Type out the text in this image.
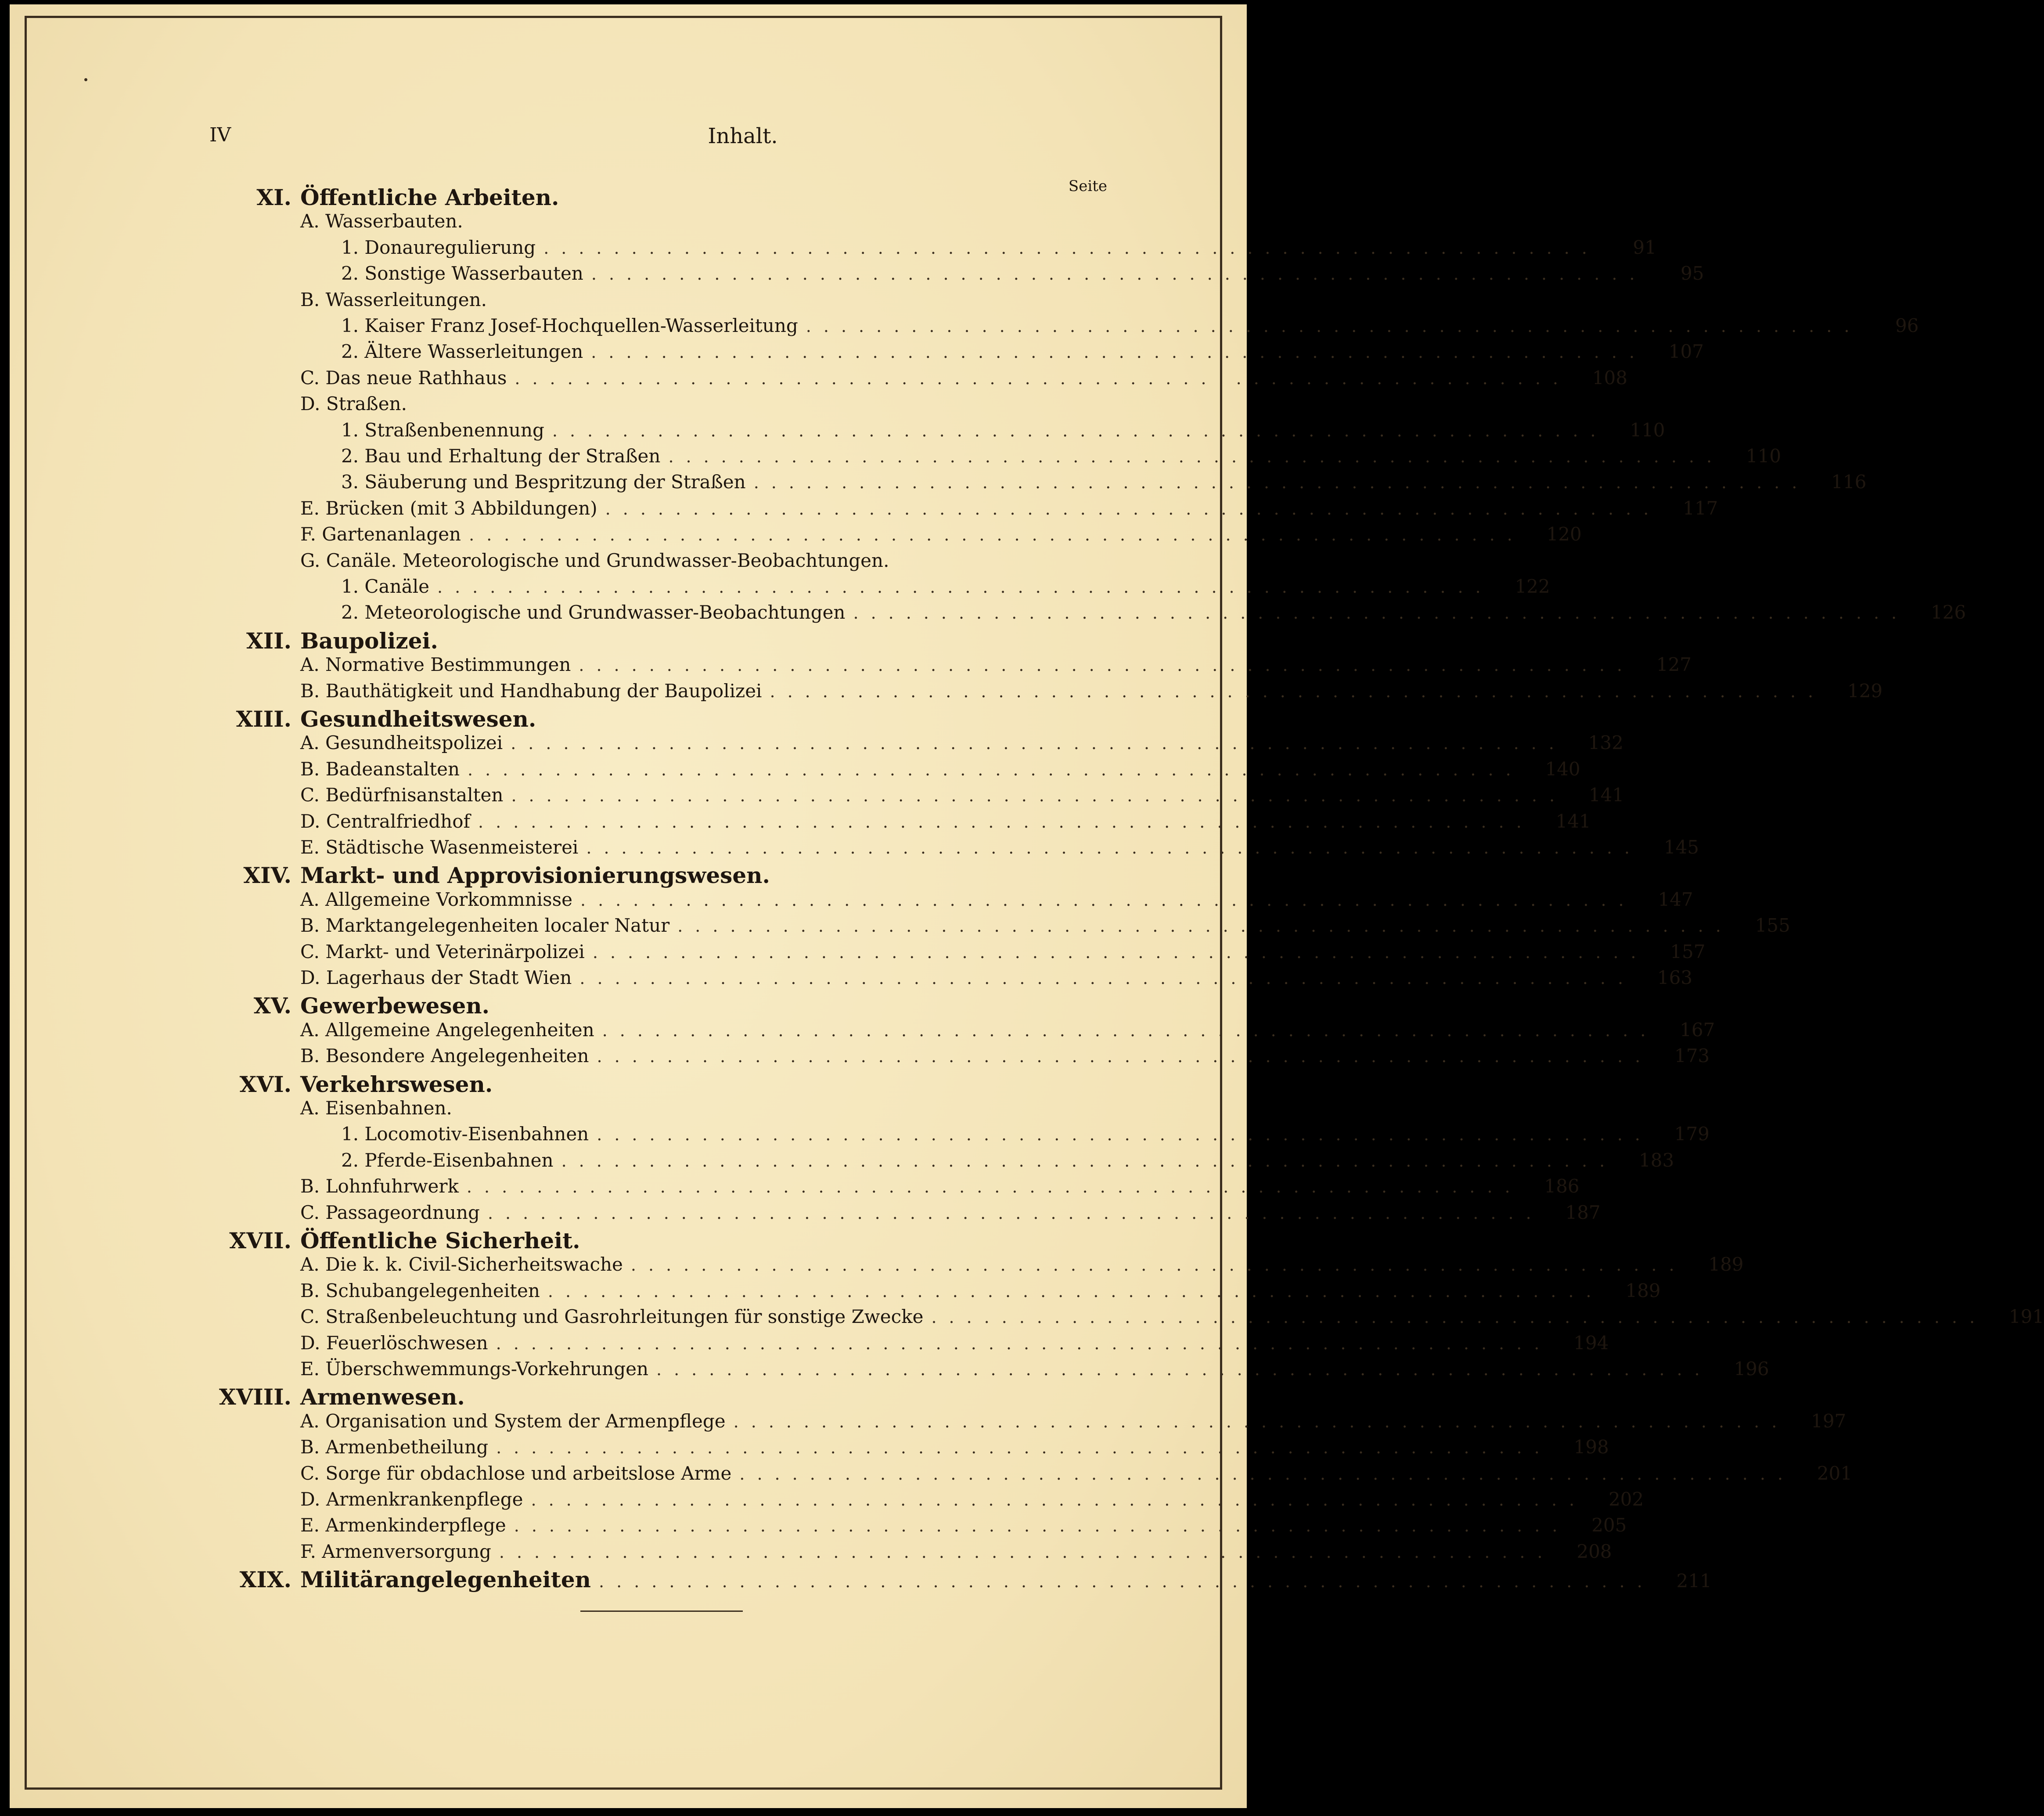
IV	Inhalt.
Seite
XI. Öffentliche Arbeiten.
A. Wasserbauten.
1. Donauregulierung ............................................................	91
2. Sonstige Wasserbauten ............................................................	95
B. Wasserleitungen.
1. Kaiser Franz Josef-Hochquellen-Wasserleitung ............................................................	96
2. Ältere Wasserleitungen ............................................................	107
C. Das neue Rathhaus ............................................................	108
D. Straßen.
1. Straßenbenennung ............................................................	110
2. Bau und Erhaltung der Straßen ............................................................	110
3. Säuberung und Bespritzung der Straßen ............................................................	116
E. Brücken (mit 3 Abbildungen) ............................................................	117
F. Gartenanlagen ............................................................	120
G. Canäle. Meteorologische und Grundwasser-Beobachtungen.
1. Canäle ............................................................	122
2. Meteorologische und Grundwasser-Beobachtungen ............................................................	126
XII. Baupolizei.
A. Normative Bestimmungen ............................................................	127
B. Bauthätigkeit und Handhabung der Baupolizei ............................................................	129
XIII. Gesundheitswesen.
A. Gesundheitspolizei ............................................................	132
B. Badeanstalten ............................................................	140
C. Bedürfnisanstalten ............................................................	141
D. Centralfriedhof ............................................................	141
E. Städtische Wasenmeisterei ............................................................	145
XIV. Markt- und Approvisionierungswesen.
A. Allgemeine Vorkommnisse ............................................................	147
B. Marktangelegenheiten localer Natur ............................................................	155
C. Markt- und Veterinärpolizei ............................................................	157
D. Lagerhaus der Stadt Wien ............................................................	163
XV. Gewerbewesen.
A. Allgemeine Angelegenheiten ............................................................	167
B. Besondere Angelegenheiten ............................................................	173
XVI. Verkehrswesen.
A. Eisenbahnen.
1. Locomotiv-Eisenbahnen ............................................................	179
2. Pferde-Eisenbahnen ............................................................	183
B. Lohnfuhrwerk ............................................................	186
C. Passageordnung ............................................................	187
XVII. Öffentliche Sicherheit.
A. Die k. k. Civil-Sicherheitswache ............................................................	189
B. Schubangelegenheiten ............................................................	189
C. Straßenbeleuchtung und Gasrohrleitungen für sonstige Zwecke ............................................................	191
D. Feuerlöschwesen ............................................................	194
E. Überschwemmungs-Vorkehrungen ............................................................	196
XVIII. Armenwesen.
A. Organisation und System der Armenpflege ............................................................	197
B. Armenbetheilung ............................................................	198
C. Sorge für obdachlose und arbeitslose Arme ............................................................	201
D. Armenkrankenpflege ............................................................	202
E. Armenkinderpflege ............................................................	205
F. Armenversorgung ............................................................	208
XIX. Militärangelegenheiten ............................................................	211
